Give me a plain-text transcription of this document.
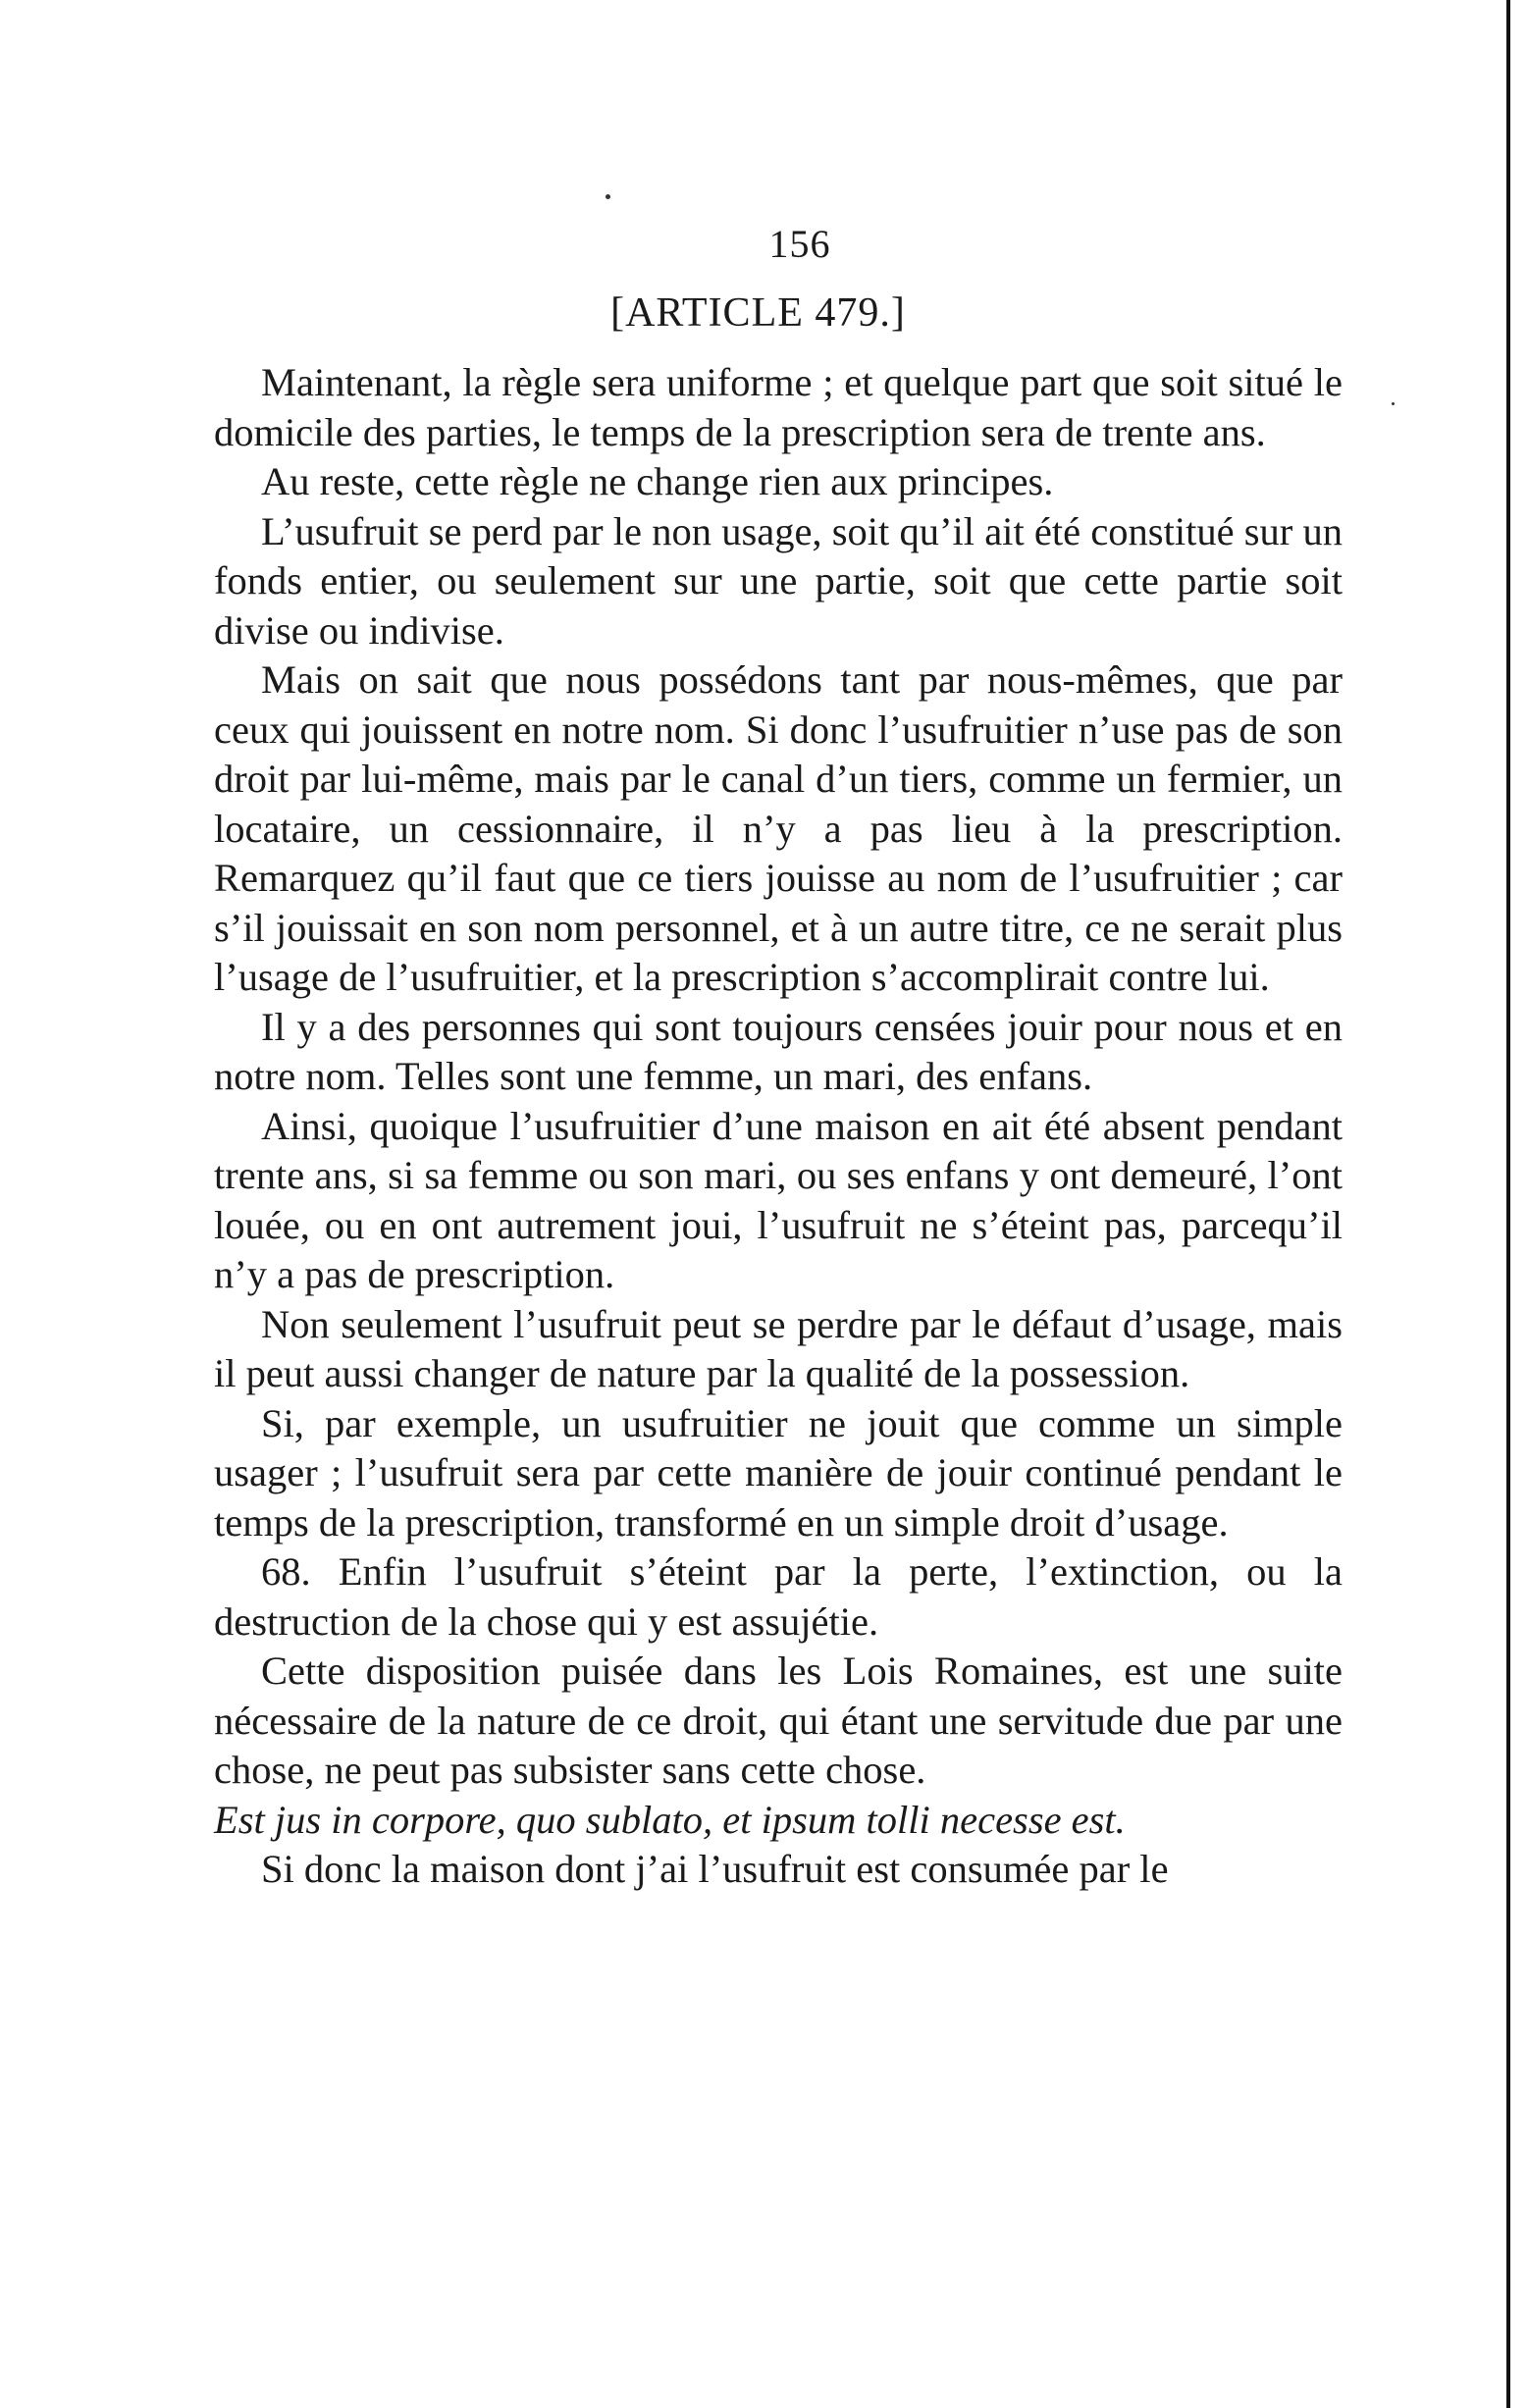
156
[ARTICLE 479.]

Maintenant, la règle sera uniforme ; et quelque part que soit situé le domicile des parties, le temps de la prescription sera de trente ans.

Au reste, cette règle ne change rien aux principes.

L’usufruit se perd par le non usage, soit qu’il ait été constitué sur un fonds entier, ou seulement sur une partie, soit que cette partie soit divise ou indivise.

Mais on sait que nous possédons tant par nous-mêmes, que par ceux qui jouissent en notre nom. Si donc l’usufruitier n’use pas de son droit par lui-même, mais par le canal d’un tiers, comme un fermier, un locataire, un cessionnaire, il n’y a pas lieu à la prescription. Remarquez qu’il faut que ce tiers jouisse au nom de l’usufruitier ; car s’il jouissait en son nom personnel, et à un autre titre, ce ne serait plus l’usage de l’usufruitier, et la prescription s’accomplirait contre lui.

Il y a des personnes qui sont toujours censées jouir pour nous et en notre nom. Telles sont une femme, un mari, des enfans.

Ainsi, quoique l’usufruitier d’une maison en ait été absent pendant trente ans, si sa femme ou son mari, ou ses enfans y ont demeuré, l’ont louée, ou en ont autrement joui, l’usufruit ne s’éteint pas, parcequ’il n’y a pas de prescription.

Non seulement l’usufruit peut se perdre par le défaut d’usage, mais il peut aussi changer de nature par la qualité de la possession.

Si, par exemple, un usufruitier ne jouit que comme un simple usager ; l’usufruit sera par cette manière de jouir continué pendant le temps de la prescription, transformé en un simple droit d’usage.

68. Enfin l’usufruit s’éteint par la perte, l’extinction, ou la destruction de la chose qui y est assujétie.

Cette disposition puisée dans les Lois Romaines, est une suite nécessaire de la nature de ce droit, qui étant une servitude due par une chose, ne peut pas subsister sans cette chose.

Est jus in corpore, quo sublato, et ipsum tolli necesse est.

Si donc la maison dont j’ai l’usufruit est consumée par le
